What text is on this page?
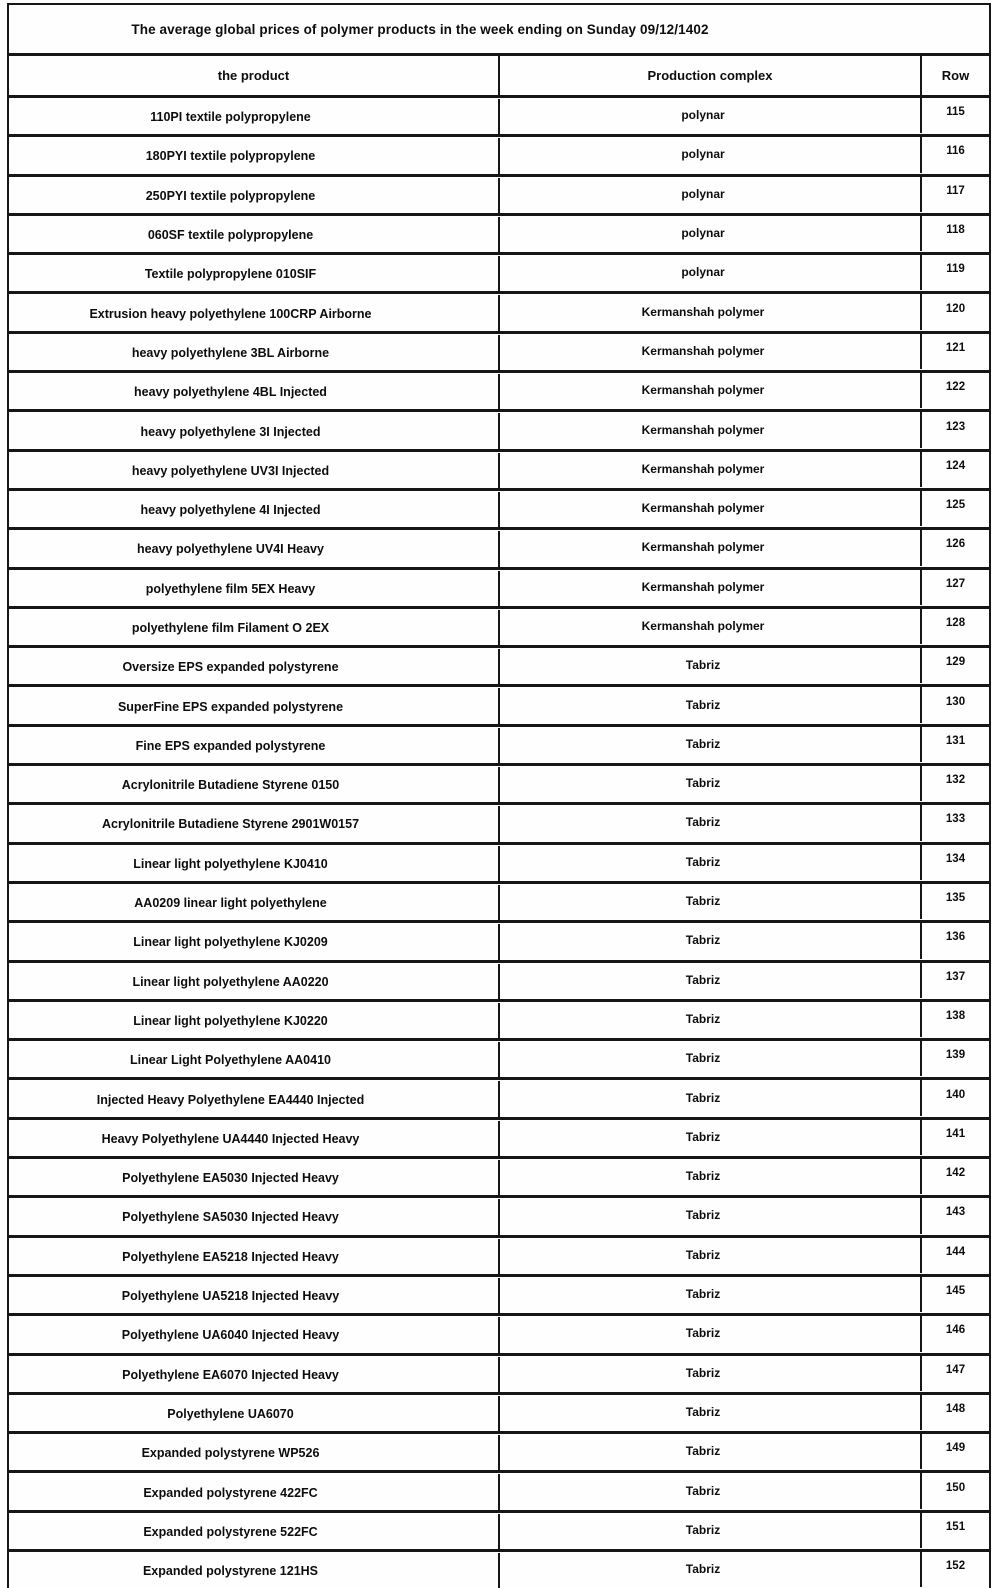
The average global prices of polymer products in the week ending on Sunday 09/12/1402
the product	Production complex	Row
110PI textile polypropylene	polynar	115
180PYI textile polypropylene	polynar	116
250PYI textile polypropylene	polynar	117
060SF textile polypropylene	polynar	118
Textile polypropylene 010SIF	polynar	119
Extrusion heavy polyethylene 100CRP Airborne	Kermanshah polymer	120
heavy polyethylene 3BL Airborne	Kermanshah polymer	121
heavy polyethylene 4BL Injected	Kermanshah polymer	122
heavy polyethylene 3I Injected	Kermanshah polymer	123
heavy polyethylene UV3I Injected	Kermanshah polymer	124
heavy polyethylene 4I Injected	Kermanshah polymer	125
heavy polyethylene UV4I Heavy	Kermanshah polymer	126
polyethylene film 5EX Heavy	Kermanshah polymer	127
polyethylene film Filament O 2EX	Kermanshah polymer	128
Oversize EPS expanded polystyrene	Tabriz	129
SuperFine EPS expanded polystyrene	Tabriz	130
Fine EPS expanded polystyrene	Tabriz	131
Acrylonitrile Butadiene Styrene 0150	Tabriz	132
Acrylonitrile Butadiene Styrene 2901W0157	Tabriz	133
Linear light polyethylene KJ0410	Tabriz	134
AA0209 linear light polyethylene	Tabriz	135
Linear light polyethylene KJ0209	Tabriz	136
Linear light polyethylene AA0220	Tabriz	137
Linear light polyethylene KJ0220	Tabriz	138
Linear Light Polyethylene AA0410	Tabriz	139
Injected Heavy Polyethylene EA4440 Injected	Tabriz	140
Heavy Polyethylene UA4440 Injected Heavy	Tabriz	141
Polyethylene EA5030 Injected Heavy	Tabriz	142
Polyethylene SA5030 Injected Heavy	Tabriz	143
Polyethylene EA5218 Injected Heavy	Tabriz	144
Polyethylene UA5218 Injected Heavy	Tabriz	145
Polyethylene UA6040 Injected Heavy	Tabriz	146
Polyethylene EA6070 Injected Heavy	Tabriz	147
Polyethylene UA6070	Tabriz	148
Expanded polystyrene WP526	Tabriz	149
Expanded polystyrene 422FC	Tabriz	150
Expanded polystyrene 522FC	Tabriz	151
Expanded polystyrene 121HS	Tabriz	152
